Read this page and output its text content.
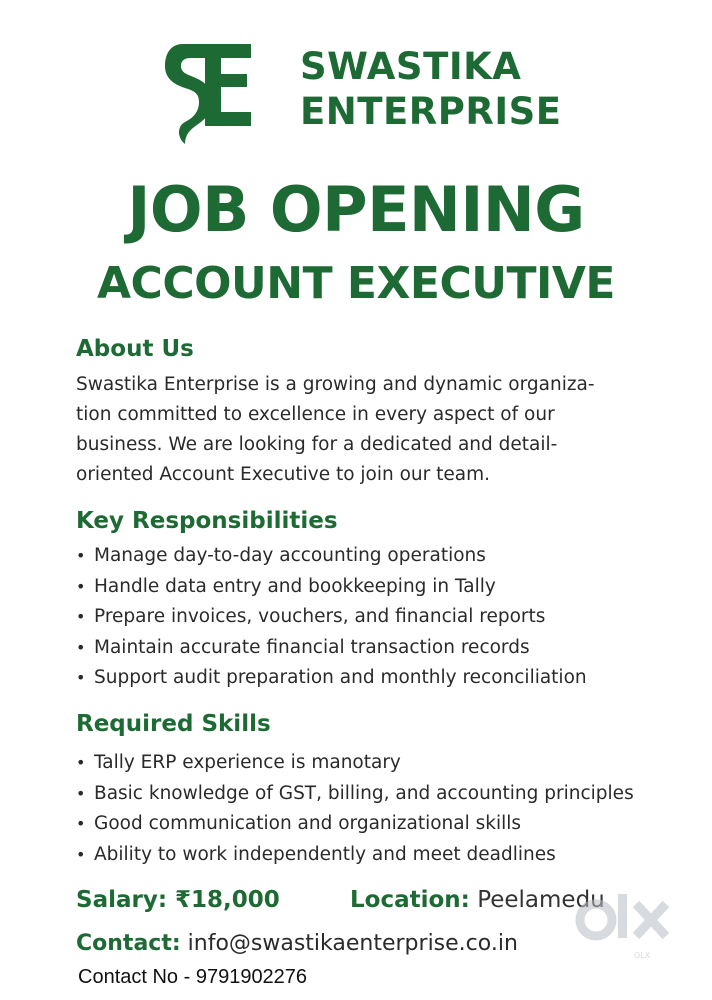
SWASTIKA
ENTERPRISE
JOB OPENING
ACCOUNT EXECUTIVE
About Us
Swastika Enterprise is a growing and dynamic organiza-
tion committed to excellence in every aspect of our
business. We are looking for a dedicated and detail-
oriented Account Executive to join our team.
Key Responsibilities
• Manage day-to-day accounting operations
• Handle data entry and bookkeeping in Tally
• Prepare invoices, vouchers, and financial reports
• Maintain accurate financial transaction records
• Support audit preparation and monthly reconciliation
Required Skills
• Tally ERP experience is manotary
• Basic knowledge of GST, billing, and accounting principles
• Good communication and organizational skills
• Ability to work independently and meet deadlines
Salary: ₹18,000	Location: Peelamedu
Contact: info@swastikaenterprise.co.in
Contact No - 9791902276
OLX
